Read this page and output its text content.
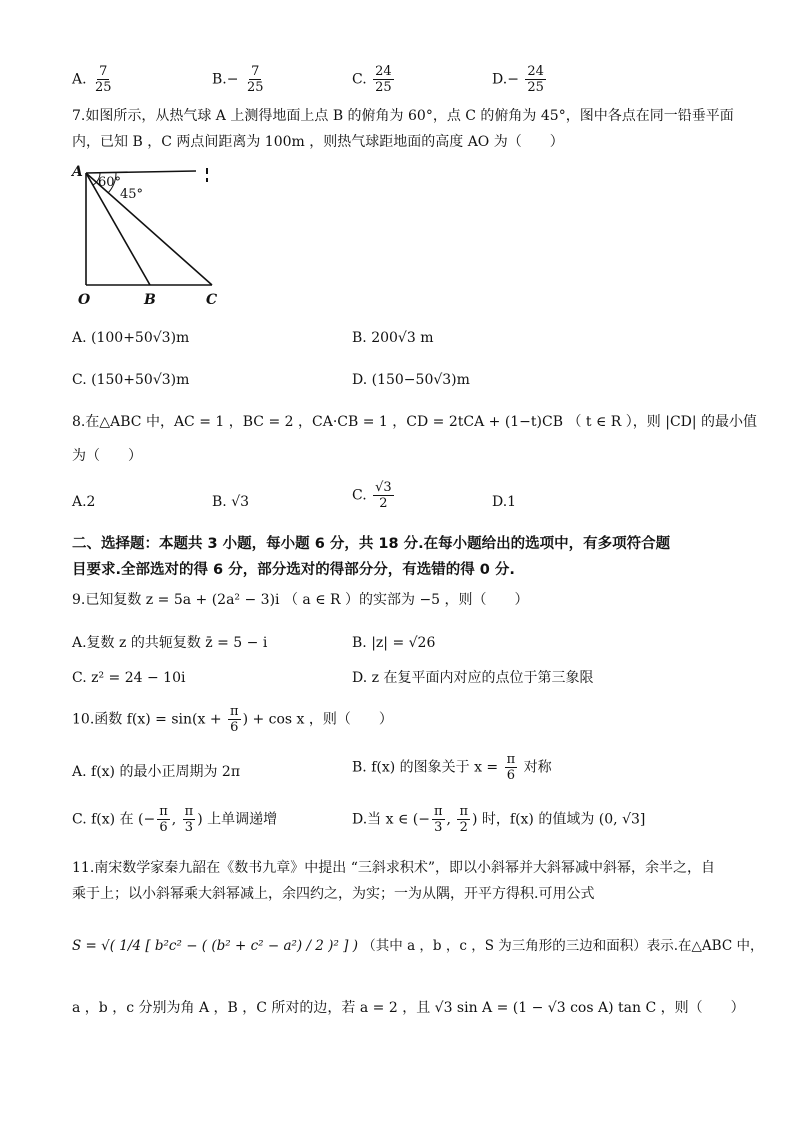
A. $\frac{7}{25}$	$B.- \frac{7}{25}$	C. $\frac{24}{25}$	$D.- \frac{24}{25}$
7.如图所示，从热气球 A 上测得地面上点 B 的俯角为 60°，点 C 的俯角为 45°，图中各点在同一铅垂平面
内，已知 B ，C 两点间距离为 100m ，则热气球距地面的高度 AO 为（　　）
A
60°
45°
O	B	C
A. (100+50√3)m	B. 200√3 m
C. (150+50√3)m	D. (150−50√3)m
8.在△ABC 中，AC = 1 ，BC = 2 ，CA·CB = 1 ，CD = 2tCA + (1−t)CB （ t ∈ R ），则 |CD| 的最小值
为（　　）
A.2	B. √3	C. $\frac{√3}{2}$	D.1
二、选择题：本题共 3 小题，每小题 6 分，共 18 分.在每小题给出的选项中，有多项符合题
目要求.全部选对的得 6 分，部分选对的得部分分，有选错的得 0 分.
9.已知复数 z = 5a + (2a² − 3)i （ a ∈ R ）的实部为 −5 ，则（　　）
A.复数 z 的共轭复数 z̄ = 5 − i	B. |z| = √26
C. z² = 24 − 10i	D. z 在复平面内对应的点位于第三象限
10.函数 $f(x) = \sin(x + \frac{\pi}{6}$ ) + cos x ，则（　　）
A. f(x) 的最小正周期为 2π	B. f(x) 的图象关于 $x = \frac{\pi}{6}$ 对称
C. f(x) 在 (− $\frac{\pi}{6}$ , $\frac{\pi}{3}$ ) 上单调递增	D.当 x ∈ (− $\frac{\pi}{3}$ , $\frac{\pi}{2}$ ) 时，f(x) 的值域为 (0, √3]
11.南宋数学家秦九韶在《数书九章》中提出 “三斜求积术”，即以小斜幂并大斜幂减中斜幂，余半之，自
乘于上；以小斜幂乘大斜幂减上，余四约之，为实；一为从隅，开平方得积.可用公式
S = √( 1/4 [ b²c² − ( (b² + c² − a²) / 2 )² ] ) （其中 a ，b ，c ，S 为三角形的三边和面积）表示.在△ABC 中，
a ，b ，c 分别为角 A ，B ，C 所对的边，若 a = 2 ，且 √3 sin A = (1 − √3 cos A) tan C ，则（　　）
